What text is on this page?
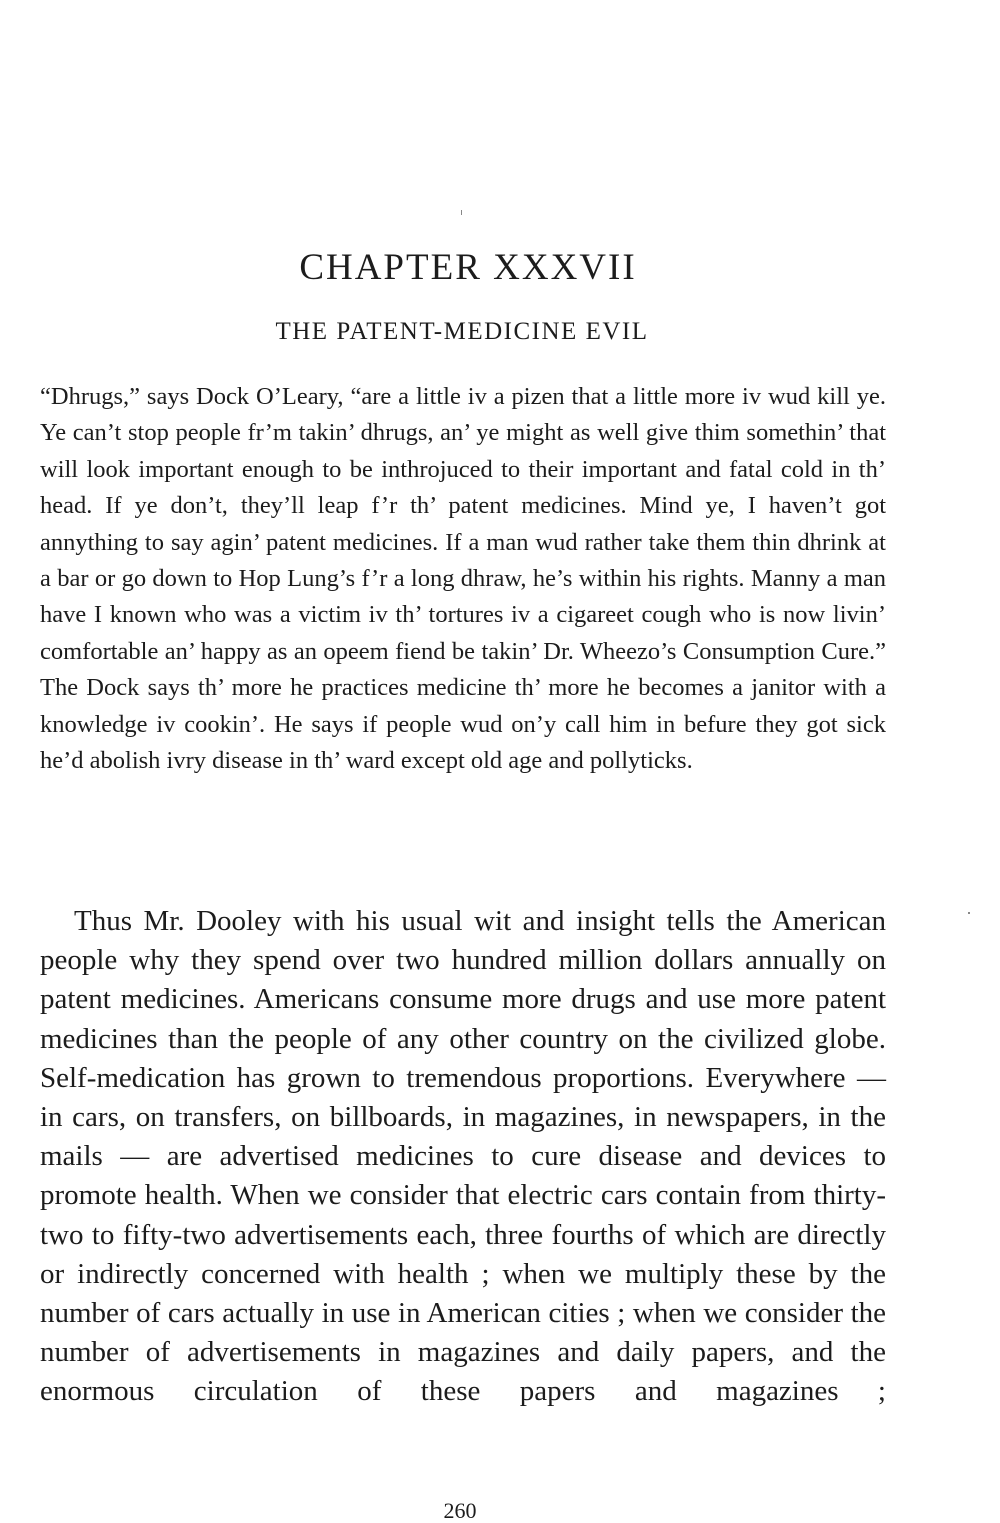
CHAPTER XXXVII
THE PATENT-MEDICINE EVIL

“Dhrugs,” says Dock O’Leary, “are a little iv a pizen that a little more iv wud kill ye. Ye can’t stop people fr’m takin’ dhrugs, an’ ye might as well give thim somethin’ that will look important enough to be inthrojuced to their important and fatal cold in th’ head. If ye don’t, they’ll leap f’r th’ patent medicines. Mind ye, I haven’t got annything to say agin’ patent medicines. If a man wud rather take them thin dhrink at a bar or go down to Hop Lung’s f’r a long dhraw, he’s within his rights. Manny a man have I known who was a victim iv th’ tortures iv a cigareet cough who is now livin’ comfortable an’ happy as an opeem fiend be takin’ Dr. Wheezo’s Consumption Cure.” The Dock says th’ more he practices medicine th’ more he becomes a janitor with a knowledge iv cookin’. He says if people wud on’y call him in befure they got sick he’d abolish ivry disease in th’ ward except old age and pollyticks.

Thus Mr. Dooley with his usual wit and insight tells the American people why they spend over two hundred million dollars annually on patent medicines. Americans consume more drugs and use more patent medicines than the people of any other country on the civilized globe. Self-medication has grown to tremendous proportions. Everywhere — in cars, on transfers, on billboards, in magazines, in newspapers, in the mails — are advertised medicines to cure disease and devices to promote health. When we consider that electric cars contain from thirty-two to fifty-two advertisements each, three fourths of which are directly or indirectly concerned with health ; when we multiply these by the number of cars actually in use in American cities ; when we consider the number of advertisements in magazines and daily papers, and the enormous circulation of these papers and magazines ;

260
